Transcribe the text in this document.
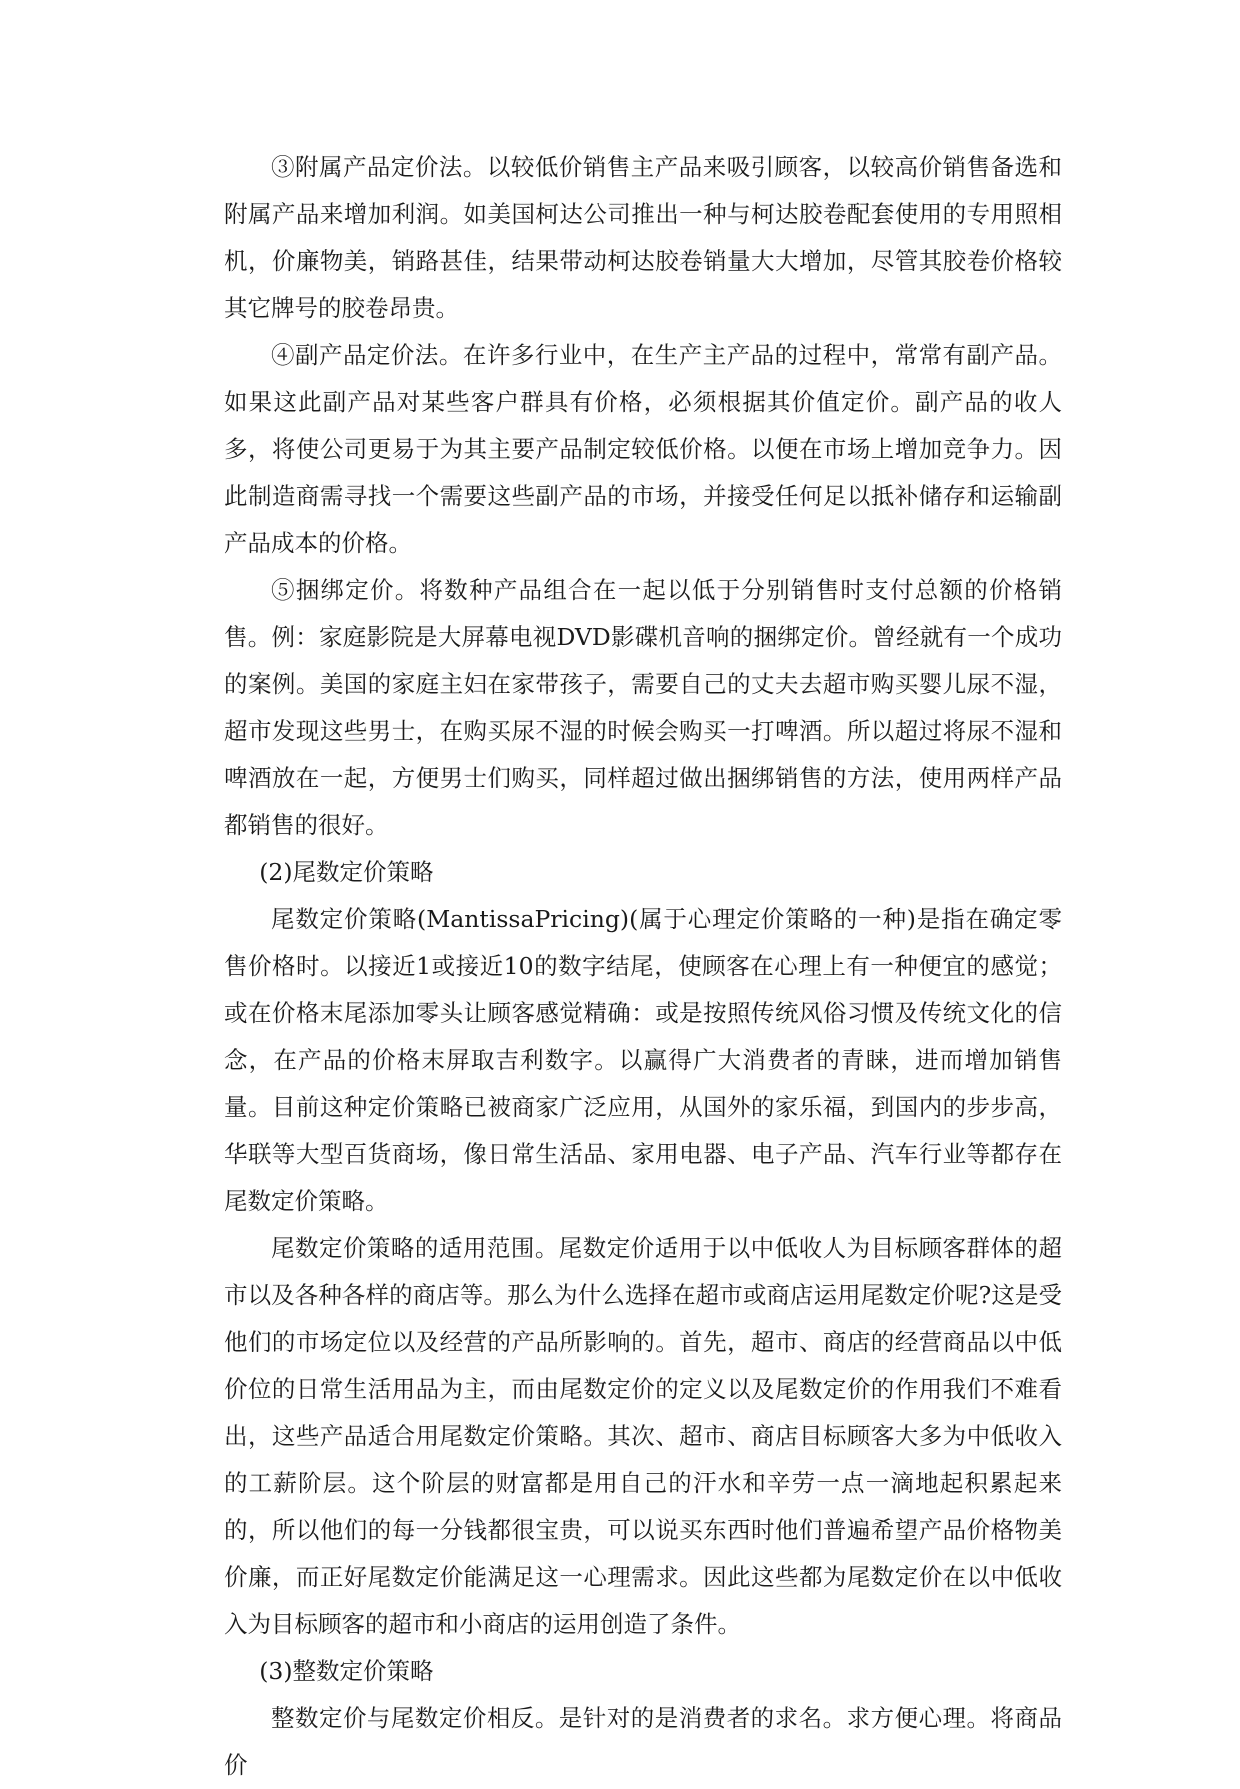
③附属产品定价法。以较低价销售主产品来吸引顾客，以较高价销售备选和附属产品来增加利润。如美国柯达公司推出一种与柯达胶卷配套使用的专用照相机，价廉物美，销路甚佳，结果带动柯达胶卷销量大大增加，尽管其胶卷价格较其它牌号的胶卷昂贵。

④副产品定价法。在许多行业中，在生产主产品的过程中，常常有副产品。如果这此副产品对某些客户群具有价格，必须根据其价值定价。副产品的收人多，将使公司更易于为其主要产品制定较低价格。以便在市场上增加竞争力。因此制造商需寻找一个需要这些副产品的市场，并接受任何足以抵补储存和运输副产品成本的价格。

⑤捆绑定价。将数种产品组合在一起以低于分别销售时支付总额的价格销售。例：家庭影院是大屏幕电视DVD影碟机音响的捆绑定价。曾经就有一个成功的案例。美国的家庭主妇在家带孩子，需要自己的丈夫去超市购买婴儿尿不湿，超市发现这些男士，在购买尿不湿的时候会购买一打啤酒。所以超过将尿不湿和啤酒放在一起，方便男士们购买，同样超过做出捆绑销售的方法，使用两样产品都销售的很好。

(2)尾数定价策略

尾数定价策略(MantissaPricing)(属于心理定价策略的一种)是指在确定零售价格时。以接近1或接近10的数字结尾，使顾客在心理上有一种便宜的感觉；或在价格末尾添加零头让顾客感觉精确：或是按照传统风俗习惯及传统文化的信念，在产品的价格末屏取吉利数字。以赢得广大消费者的青睐，进而增加销售量。目前这种定价策略已被商家广泛应用，从国外的家乐福，到国内的步步高，华联等大型百货商场，像日常生活品、家用电器、电子产品、汽车行业等都存在尾数定价策略。

尾数定价策略的适用范围。尾数定价适用于以中低收人为目标顾客群体的超市以及各种各样的商店等。那么为什么选择在超市或商店运用尾数定价呢?这是受他们的市场定位以及经营的产品所影响的。首先，超市、商店的经营商品以中低价位的日常生活用品为主，而由尾数定价的定义以及尾数定价的作用我们不难看出，这些产品适合用尾数定价策略。其次、超市、商店目标顾客大多为中低收入的工薪阶层。这个阶层的财富都是用自己的汗水和辛劳一点一滴地起积累起来的，所以他们的每一分钱都很宝贵，可以说买东西时他们普遍希望产品价格物美价廉，而正好尾数定价能满足这一心理需求。因此这些都为尾数定价在以中低收入为目标顾客的超市和小商店的运用创造了条件。

(3)整数定价策略

整数定价与尾数定价相反。是针对的是消费者的求名。求方便心理。将商品价
